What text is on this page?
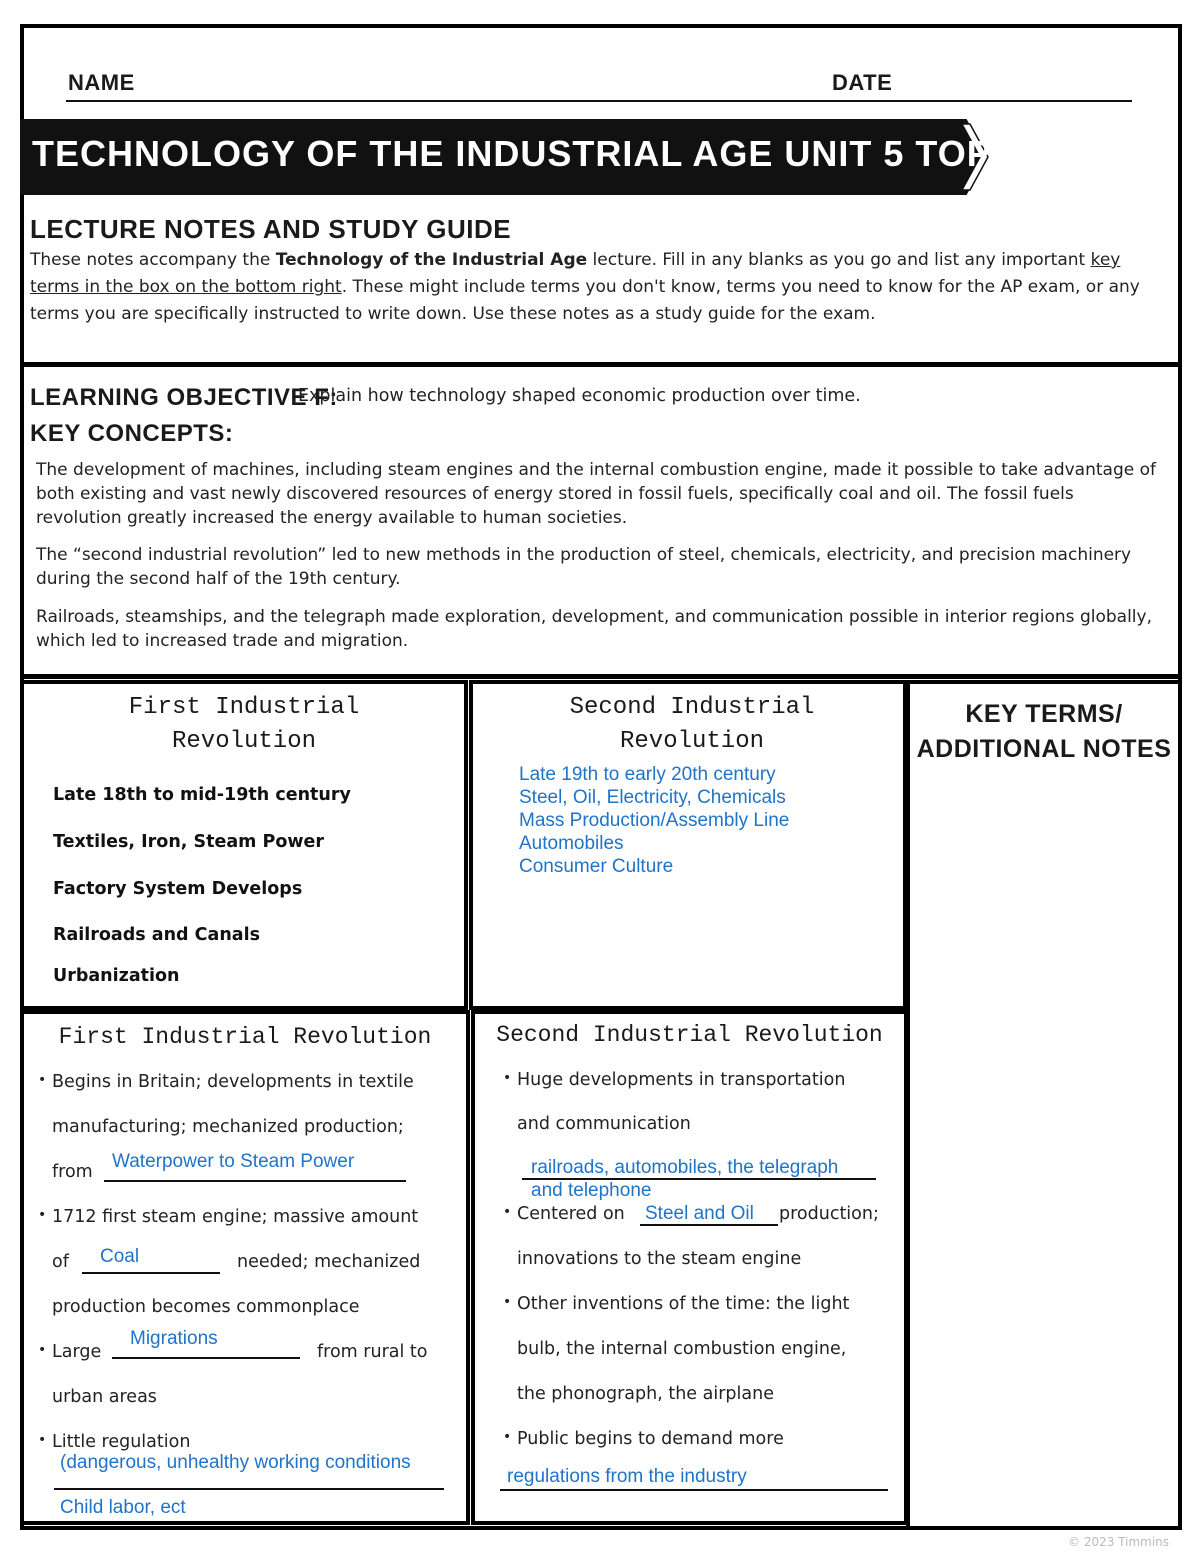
NAME	DATE
TECHNOLOGY OF THE INDUSTRIAL AGE UNIT 5 TOPIC 5
LECTURE NOTES AND STUDY GUIDE
These notes accompany the Technology of the Industrial Age lecture. Fill in any blanks as you go and list any important key terms in the box on the bottom right. These might include terms you don't know, terms you need to know for the AP exam, or any terms you are specifically instructed to write down. Use these notes as a study guide for the exam.
LEARNING OBJECTIVE F:
Explain how technology shaped economic production over time.
KEY CONCEPTS:
The development of machines, including steam engines and the internal combustion engine, made it possible to take advantage of both existing and vast newly discovered resources of energy stored in fossil fuels, specifically coal and oil. The fossil fuels revolution greatly increased the energy available to human societies.
The “second industrial revolution” led to new methods in the production of steel, chemicals, electricity, and precision machinery during the second half of the 19th century.
Railroads, steamships, and the telegraph made exploration, development, and communication possible in interior regions globally, which led to increased trade and migration.
First Industrial
Revolution
Late 18th to mid-19th century
Textiles, Iron, Steam Power
Factory System Develops
Railroads and Canals
Urbanization
Second Industrial
Revolution
Late 19th to early 20th century
Steel, Oil, Electricity, Chemicals
Mass Production/Assembly Line
Automobiles
Consumer Culture
KEY TERMS/
ADDITIONAL NOTES
First Industrial Revolution
• Begins in Britain; developments in textile
manufacturing; mechanized production;
from Waterpower to Steam Power
• 1712 first steam engine; massive amount
of Coal	needed; mechanized
production becomes commonplace
• Large
Migrations
from rural to
urban areas
• Little regulation
(dangerous, unhealthy working conditions
Child labor, ect
Second Industrial Revolution
• Huge developments in transportation
and communication
railroads, automobiles, the telegraph
and telephone
• Centered on Steel and Oil production;
innovations to the steam engine
• Other inventions of the time: the light
bulb, the internal combustion engine,
the phonograph, the airplane
• Public begins to demand more
regulations from the industry
© 2023 Timmins
